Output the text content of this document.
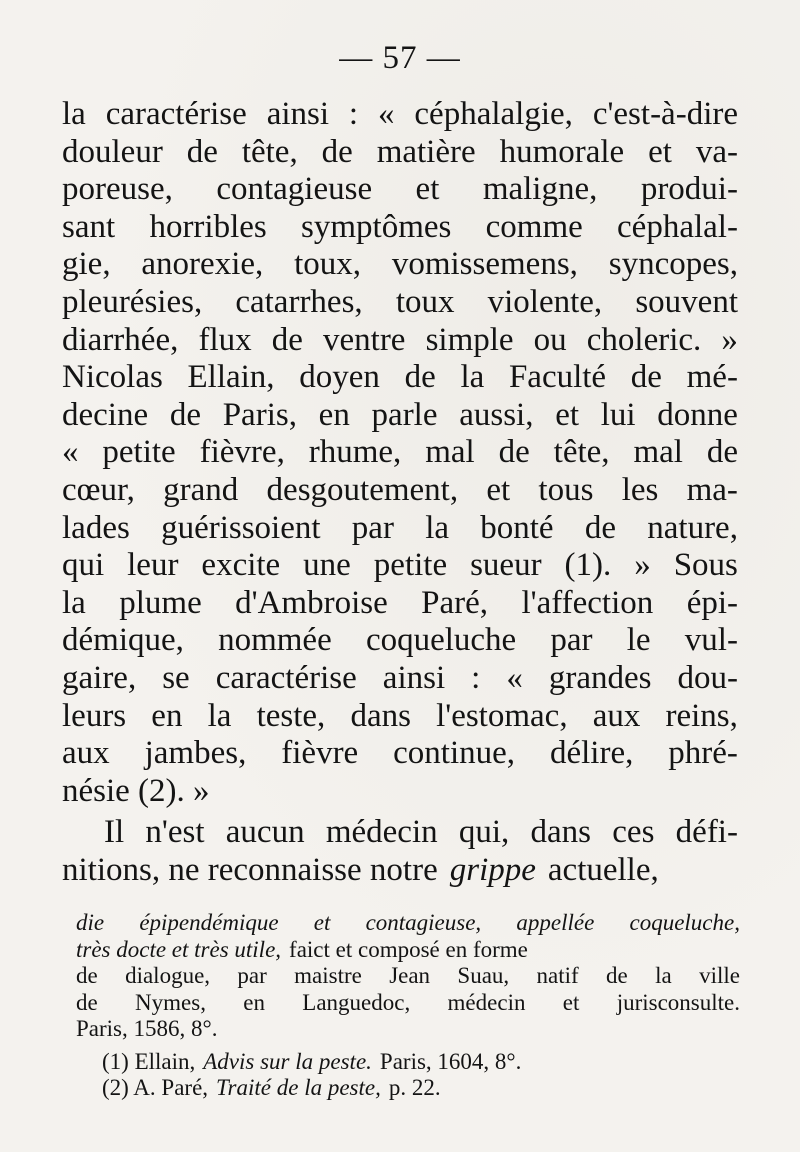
— 57 —
la caractérise ainsi : « céphalalgie, c'est-à-dire
douleur de tête, de matière humorale et va-
poreuse, contagieuse et maligne, produi-
sant horribles symptômes comme céphalal-
gie, anorexie, toux, vomissemens, syncopes,
pleurésies, catarrhes, toux violente, souvent
diarrhée, flux de ventre simple ou choleric. »
Nicolas Ellain, doyen de la Faculté de mé-
decine de Paris, en parle aussi, et lui donne
« petite fièvre, rhume, mal de tête, mal de
cœur, grand desgoutement, et tous les ma-
lades guérissoient par la bonté de nature,
qui leur excite une petite sueur (1). » Sous
la plume d'Ambroise Paré, l'affection épi-
démique, nommée coqueluche par le vul-
gaire, se caractérise ainsi : « grandes dou-
leurs en la teste, dans l'estomac, aux reins,
aux jambes, fièvre continue, délire, phré-
nésie (2). »
Il n'est aucun médecin qui, dans ces défi-
nitions, ne reconnaisse notre grippe actuelle,
die épipendémique et contagieuse, appellée coqueluche,
très docte et très utile, faict et composé en forme
de dialogue, par maistre Jean Suau, natif de la ville
de Nymes, en Languedoc, médecin et jurisconsulte.
Paris, 1586, 8°.
(1) Ellain, Advis sur la peste. Paris, 1604, 8°.
(2) A. Paré, Traité de la peste, p. 22.
